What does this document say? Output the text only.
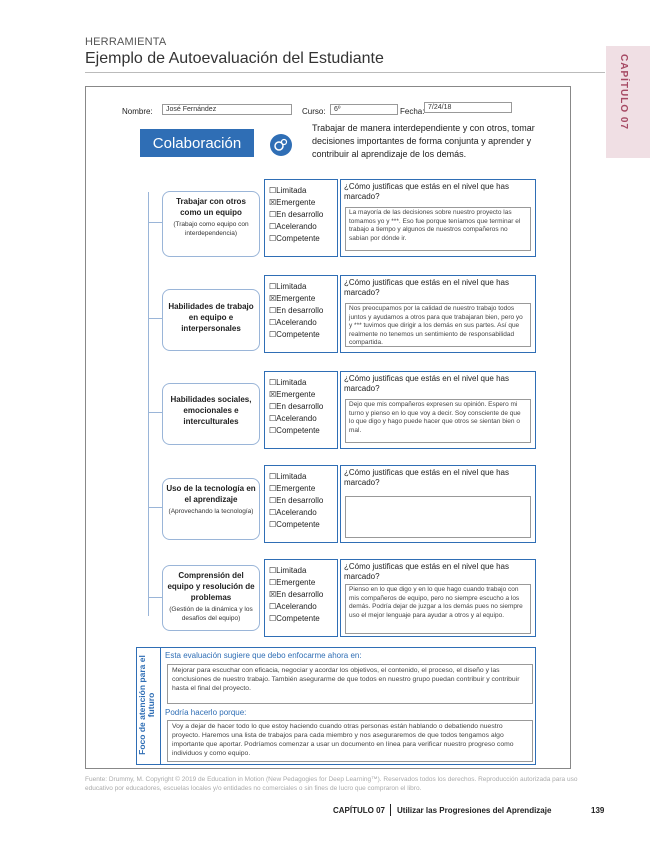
HERRAMIENTA
Ejemplo de Autoevaluación del Estudiante	CAPÍTULO 07
Nombre:	José Fernández	Curso:	6º	Fecha: 7/24/18
Colaboración
Trabajar de manera interdependiente y con otros, tomar decisiones importantes de forma conjunta y aprender y contribuir al aprendizaje de los demás.
Trabajar con otros como un equipo
(Trabajo como equipo con interdependencia)
☐Limitada
☒Emergente
☐En desarrollo
☐Acelerando
☐Competente
¿Cómo justificas que estás en el nivel que has marcado?
La mayoría de las decisiones sobre nuestro proyecto las tomamos yo y ***. Eso fue porque teníamos que terminar el trabajo a tiempo y algunos de nuestros compañeros no sabían por dónde ir.
Habilidades de trabajo en equipo e interpersonales
☐Limitada
☒Emergente
☐En desarrollo
☐Acelerando
☐Competente
¿Cómo justificas que estás en el nivel que has marcado?
Nos preocupamos por la calidad de nuestro trabajo todos juntos y ayudamos a otros para que trabajaran bien, pero yo y *** tuvimos que dirigir a los demás en sus partes. Así que realmente no tenemos un sentimiento de responsabilidad compartida.
Habilidades sociales, emocionales e interculturales
☐Limitada
☒Emergente
☐En desarrollo
☐Acelerando
☐Competente
¿Cómo justificas que estás en el nivel que has marcado?
Dejo que mis compañeros expresen su opinión. Espero mi turno y pienso en lo que voy a decir. Soy consciente de que lo que digo y hago puede hacer que otros se sientan bien o mal.
Uso de la tecnología en el aprendizaje
(Aprovechando la tecnología)
☐Limitada
☐Emergente
☐En desarrollo
☐Acelerando
☐Competente
¿Cómo justificas que estás en el nivel que has marcado?
Comprensión del equipo y resolución de problemas
(Gestión de la dinámica y los desafíos del equipo)
☐Limitada
☐Emergente
☒En desarrollo
☐Acelerando
☐Competente
¿Cómo justificas que estás en el nivel que has marcado?
Pienso en lo que digo y en lo que hago cuando trabajo con mis compañeros de equipo, pero no siempre escucho a los demás. Podría dejar de juzgar a los demás pues no siempre uso el mejor lenguaje para ayudar a otros y al equipo.
Foco de atención para el futuro
Esta evaluación sugiere que debo enfocarme ahora en:
Mejorar para escuchar con eficacia, negociar y acordar los objetivos, el contenido, el proceso, el diseño y las conclusiones de nuestro trabajo. También asegurarme de que todos en nuestro grupo puedan contribuir y contribuir hasta el final del proyecto.
Podría hacerlo porque:
Voy a dejar de hacer todo lo que estoy haciendo cuando otras personas están hablando o debatiendo nuestro proyecto. Haremos una lista de trabajos para cada miembro y nos aseguraremos de que todos tengamos algo importante que aportar. Podríamos comenzar a usar un documento en línea para verificar nuestro progreso como individuos y como equipo.
Fuente: Drummy, M. Copyright © 2019 de Education in Motion (New Pedagogies for Deep Learning™). Reservados todos los derechos. Reproducción autorizada para uso educativo por educadores, escuelas locales y/o entidades no comerciales o sin fines de lucro que compraron el libro.
CAPÍTULO 07 Utilizar las Progresiones del Aprendizaje	139
